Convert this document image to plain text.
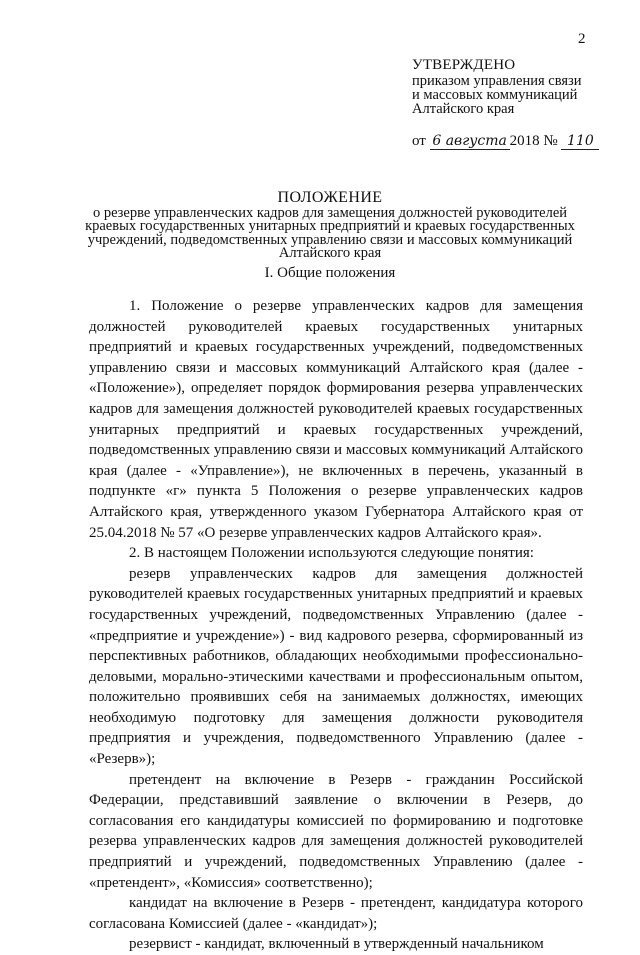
2
УТВЕРЖДЕНО
приказом управления связи
и массовых коммуникаций
Алтайского края
от 6 августа 2018 № 110
ПОЛОЖЕНИЕ
о резерве управленческих кадров для замещения должностей руководителей
краевых государственных унитарных предприятий и краевых государственных
учреждений, подведомственных управлению связи и массовых коммуникаций
Алтайского края
I. Общие положения

1. Положение о резерве управленческих кадров для замещения должностей руководителей краевых государственных унитарных предприятий и краевых государственных учреждений, подведомственных управлению связи и массовых коммуникаций Алтайского края (далее - «Положение»), определяет порядок формирования резерва управленческих кадров для замещения должностей руководителей краевых государственных унитарных предприятий и краевых государственных учреждений, подведомственных управлению связи и массовых коммуникаций Алтайского края (далее - «Управление»), не включенных в перечень, указанный в подпункте «г» пункта 5 Положения о резерве управленческих кадров Алтайского края, утвержденного указом Губернатора Алтайского края от 25.04.2018 № 57 «О резерве управленческих кадров Алтайского края».

2. В настоящем Положении используются следующие понятия:

резерв управленческих кадров для замещения должностей руководителей краевых государственных унитарных предприятий и краевых государственных учреждений, подведомственных Управлению (далее - «предприятие и учреждение») - вид кадрового резерва, сформированный из перспективных работников, обладающих необходимыми профессионально-деловыми, морально-этическими качествами и профессиональным опытом, положительно проявивших себя на занимаемых должностях, имеющих необходимую подготовку для замещения должности руководителя предприятия и учреждения, подведомственного Управлению (далее - «Резерв»);

претендент на включение в Резерв - гражданин Российской Федерации, представивший заявление о включении в Резерв, до согласования его кандидатуры комиссией по формированию и подготовке резерва управленческих кадров для замещения должностей руководителей предприятий и учреждений, подведомственных Управлению (далее - «претендент», «Комиссия» соответственно);

кандидат на включение в Резерв - претендент, кандидатура которого согласована Комиссией (далее - «кандидат»);

резервист - кандидат, включенный в утвержденный начальником
